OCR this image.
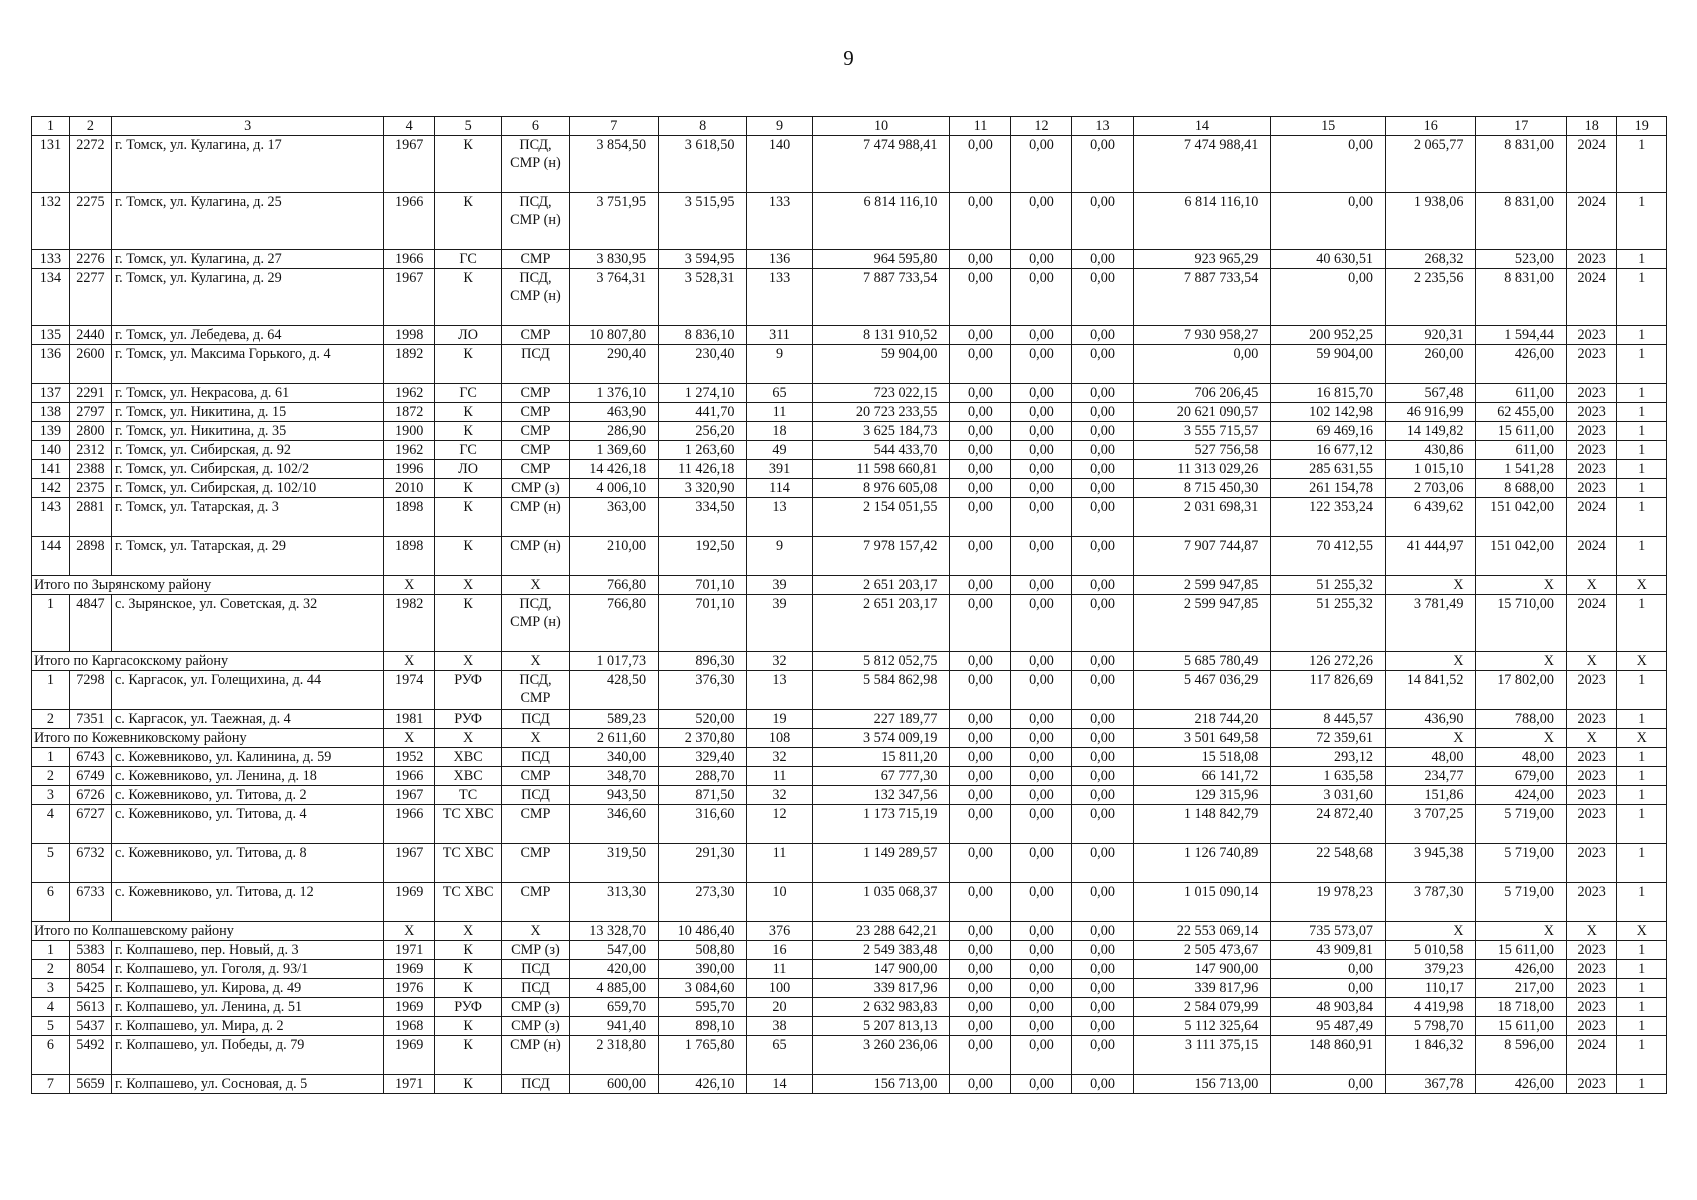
9
1	2	3	4	5	6	7	8	9	10	11	12	13	14	15	16	17	18	19
131	2272	г. Томск, ул. Кулагина, д. 17	1967	К	ПСД, СМР (н)	3 854,50	3 618,50	140	7 474 988,41	0,00	0,00	0,00	7 474 988,41	0,00	2 065,77	8 831,00	2024	1
132	2275	г. Томск, ул. Кулагина, д. 25	1966	К	ПСД, СМР (н)	3 751,95	3 515,95	133	6 814 116,10	0,00	0,00	0,00	6 814 116,10	0,00	1 938,06	8 831,00	2024	1
133	2276	г. Томск, ул. Кулагина, д. 27	1966	ГС	СМР	3 830,95	3 594,95	136	964 595,80	0,00	0,00	0,00	923 965,29	40 630,51	268,32	523,00	2023	1
134	2277	г. Томск, ул. Кулагина, д. 29	1967	К	ПСД, СМР (н)	3 764,31	3 528,31	133	7 887 733,54	0,00	0,00	0,00	7 887 733,54	0,00	2 235,56	8 831,00	2024	1
135	2440	г. Томск, ул. Лебедева, д. 64	1998	ЛО	СМР	10 807,80	8 836,10	311	8 131 910,52	0,00	0,00	0,00	7 930 958,27	200 952,25	920,31	1 594,44	2023	1
136	2600	г. Томск, ул. Максима Горького, д. 4	1892	К	ПСД	290,40	230,40	9	59 904,00	0,00	0,00	0,00	0,00	59 904,00	260,00	426,00	2023	1
137	2291	г. Томск, ул. Некрасова, д. 61	1962	ГС	СМР	1 376,10	1 274,10	65	723 022,15	0,00	0,00	0,00	706 206,45	16 815,70	567,48	611,00	2023	1
138	2797	г. Томск, ул. Никитина, д. 15	1872	К	СМР	463,90	441,70	11	20 723 233,55	0,00	0,00	0,00	20 621 090,57	102 142,98	46 916,99	62 455,00	2023	1
139	2800	г. Томск, ул. Никитина, д. 35	1900	К	СМР	286,90	256,20	18	3 625 184,73	0,00	0,00	0,00	3 555 715,57	69 469,16	14 149,82	15 611,00	2023	1
140	2312	г. Томск, ул. Сибирская, д. 92	1962	ГС	СМР	1 369,60	1 263,60	49	544 433,70	0,00	0,00	0,00	527 756,58	16 677,12	430,86	611,00	2023	1
141	2388	г. Томск, ул. Сибирская, д. 102/2	1996	ЛО	СМР	14 426,18	11 426,18	391	11 598 660,81	0,00	0,00	0,00	11 313 029,26	285 631,55	1 015,10	1 541,28	2023	1
142	2375	г. Томск, ул. Сибирская, д. 102/10	2010	К	СМР (з)	4 006,10	3 320,90	114	8 976 605,08	0,00	0,00	0,00	8 715 450,30	261 154,78	2 703,06	8 688,00	2023	1
143	2881	г. Томск, ул. Татарская, д. 3	1898	К	СМР (н)	363,00	334,50	13	2 154 051,55	0,00	0,00	0,00	2 031 698,31	122 353,24	6 439,62	151 042,00	2024	1
144	2898	г. Томск, ул. Татарская, д. 29	1898	К	СМР (н)	210,00	192,50	9	7 978 157,42	0,00	0,00	0,00	7 907 744,87	70 412,55	41 444,97	151 042,00	2024	1
Итого по Зырянскому району			Х	Х	Х	766,80	701,10	39	2 651 203,17	0,00	0,00	0,00	2 599 947,85	51 255,32	Х	Х	Х	Х
1	4847	с. Зырянское, ул. Советская, д. 32	1982	К	ПСД, СМР (н)	766,80	701,10	39	2 651 203,17	0,00	0,00	0,00	2 599 947,85	51 255,32	3 781,49	15 710,00	2024	1
Итого по Каргасокскому району			Х	Х	Х	1 017,73	896,30	32	5 812 052,75	0,00	0,00	0,00	5 685 780,49	126 272,26	Х	Х	Х	Х
1	7298	с. Каргасок, ул. Голещихина, д. 44	1974	РУФ	ПСД, СМР	428,50	376,30	13	5 584 862,98	0,00	0,00	0,00	5 467 036,29	117 826,69	14 841,52	17 802,00	2023	1
2	7351	с. Каргасок, ул. Таежная, д. 4	1981	РУФ	ПСД	589,23	520,00	19	227 189,77	0,00	0,00	0,00	218 744,20	8 445,57	436,90	788,00	2023	1
Итого по Кожевниковскому району			Х	Х	Х	2 611,60	2 370,80	108	3 574 009,19	0,00	0,00	0,00	3 501 649,58	72 359,61	Х	Х	Х	Х
1	6743	с. Кожевниково, ул. Калинина, д. 59	1952	ХВС	ПСД	340,00	329,40	32	15 811,20	0,00	0,00	0,00	15 518,08	293,12	48,00	48,00	2023	1
2	6749	с. Кожевниково, ул. Ленина, д. 18	1966	ХВС	СМР	348,70	288,70	11	67 777,30	0,00	0,00	0,00	66 141,72	1 635,58	234,77	679,00	2023	1
3	6726	с. Кожевниково, ул. Титова, д. 2	1967	ТС	ПСД	943,50	871,50	32	132 347,56	0,00	0,00	0,00	129 315,96	3 031,60	151,86	424,00	2023	1
4	6727	с. Кожевниково, ул. Титова, д. 4	1966	ТС ХВС	СМР	346,60	316,60	12	1 173 715,19	0,00	0,00	0,00	1 148 842,79	24 872,40	3 707,25	5 719,00	2023	1
5	6732	с. Кожевниково, ул. Титова, д. 8	1967	ТС ХВС	СМР	319,50	291,30	11	1 149 289,57	0,00	0,00	0,00	1 126 740,89	22 548,68	3 945,38	5 719,00	2023	1
6	6733	с. Кожевниково, ул. Титова, д. 12	1969	ТС ХВС	СМР	313,30	273,30	10	1 035 068,37	0,00	0,00	0,00	1 015 090,14	19 978,23	3 787,30	5 719,00	2023	1
Итого по Колпашевскому району			Х	Х	Х	13 328,70	10 486,40	376	23 288 642,21	0,00	0,00	0,00	22 553 069,14	735 573,07	Х	Х	Х	Х
1	5383	г. Колпашево, пер. Новый, д. 3	1971	К	СМР (з)	547,00	508,80	16	2 549 383,48	0,00	0,00	0,00	2 505 473,67	43 909,81	5 010,58	15 611,00	2023	1
2	8054	г. Колпашево, ул. Гоголя, д. 93/1	1969	К	ПСД	420,00	390,00	11	147 900,00	0,00	0,00	0,00	147 900,00	0,00	379,23	426,00	2023	1
3	5425	г. Колпашево, ул. Кирова, д. 49	1976	К	ПСД	4 885,00	3 084,60	100	339 817,96	0,00	0,00	0,00	339 817,96	0,00	110,17	217,00	2023	1
4	5613	г. Колпашево, ул. Ленина, д. 51	1969	РУФ	СМР (з)	659,70	595,70	20	2 632 983,83	0,00	0,00	0,00	2 584 079,99	48 903,84	4 419,98	18 718,00	2023	1
5	5437	г. Колпашево, ул. Мира, д. 2	1968	К	СМР (з)	941,40	898,10	38	5 207 813,13	0,00	0,00	0,00	5 112 325,64	95 487,49	5 798,70	15 611,00	2023	1
6	5492	г. Колпашево, ул. Победы, д. 79	1969	К	СМР (н)	2 318,80	1 765,80	65	3 260 236,06	0,00	0,00	0,00	3 111 375,15	148 860,91	1 846,32	8 596,00	2024	1
7	5659	г. Колпашево, ул. Сосновая, д. 5	1971	К	ПСД	600,00	426,10	14	156 713,00	0,00	0,00	0,00	156 713,00	0,00	367,78	426,00	2023	1
